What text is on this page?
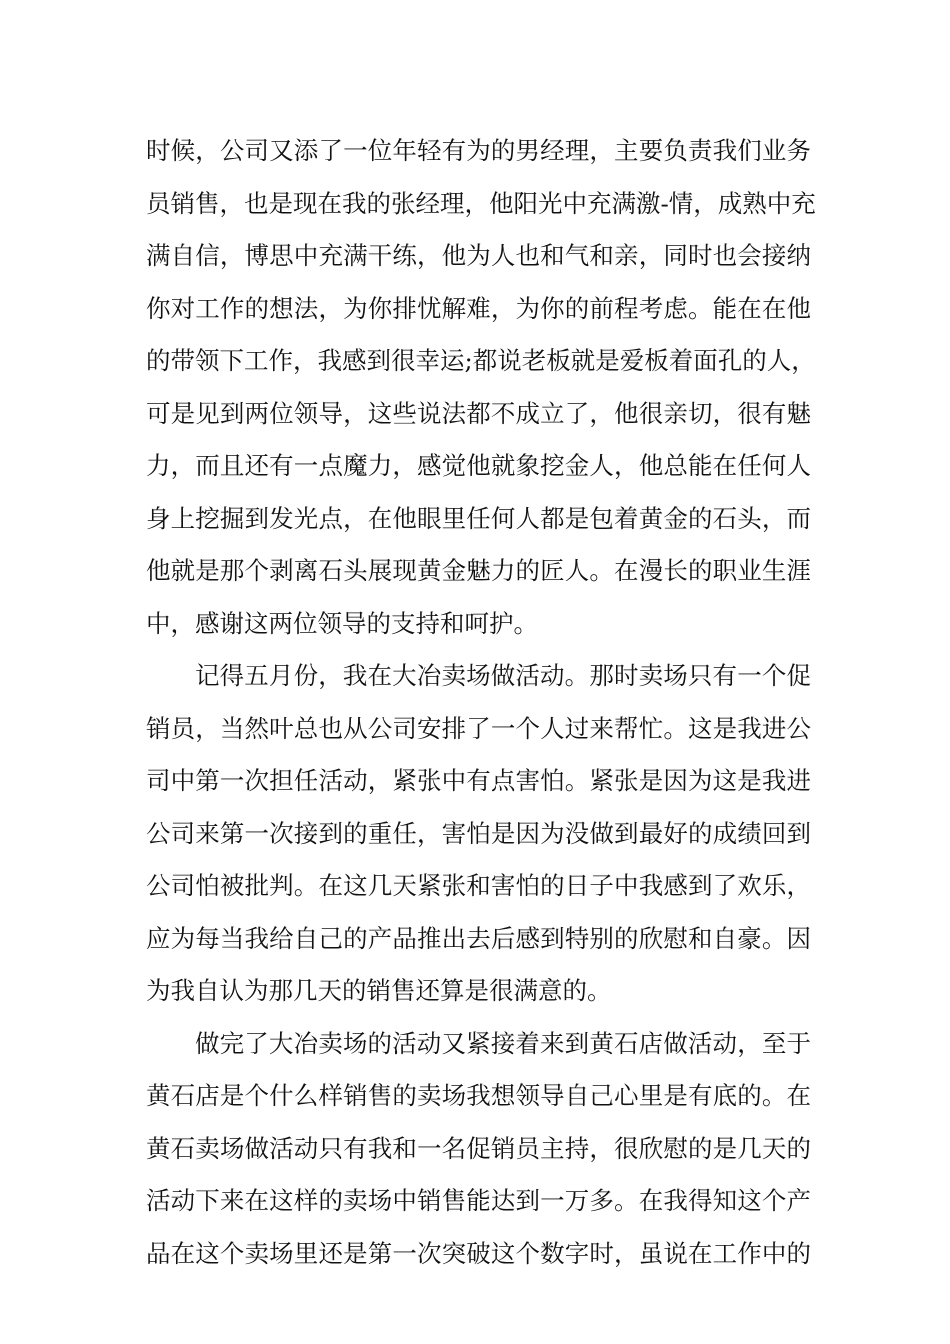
时候，公司又添了一位年轻有为的男经理，主要负责我们业务
员销售，也是现在我的张经理，他阳光中充满激-情，成熟中充
满自信，博思中充满干练，他为人也和气和亲，同时也会接纳
你对工作的想法，为你排忧解难，为你的前程考虑。能在在他
的带领下工作，我感到很幸运;都说老板就是爱板着面孔的人，
可是见到两位领导，这些说法都不成立了，他很亲切，很有魅
力，而且还有一点魔力，感觉他就象挖金人，他总能在任何人
身上挖掘到发光点，在他眼里任何人都是包着黄金的石头，而
他就是那个剥离石头展现黄金魅力的匠人。在漫长的职业生涯
中，感谢这两位领导的支持和呵护。
记得五月份，我在大冶卖场做活动。那时卖场只有一个促
销员，当然叶总也从公司安排了一个人过来帮忙。这是我进公
司中第一次担任活动，紧张中有点害怕。紧张是因为这是我进
公司来第一次接到的重任，害怕是因为没做到最好的成绩回到
公司怕被批判。在这几天紧张和害怕的日子中我感到了欢乐，
应为每当我给自己的产品推出去后感到特别的欣慰和自豪。因
为我自认为那几天的销售还算是很满意的。
做完了大冶卖场的活动又紧接着来到黄石店做活动，至于
黄石店是个什么样销售的卖场我想领导自己心里是有底的。在
黄石卖场做活动只有我和一名促销员主持，很欣慰的是几天的
活动下来在这样的卖场中销售能达到一万多。在我得知这个产
品在这个卖场里还是第一次突破这个数字时，虽说在工作中的
